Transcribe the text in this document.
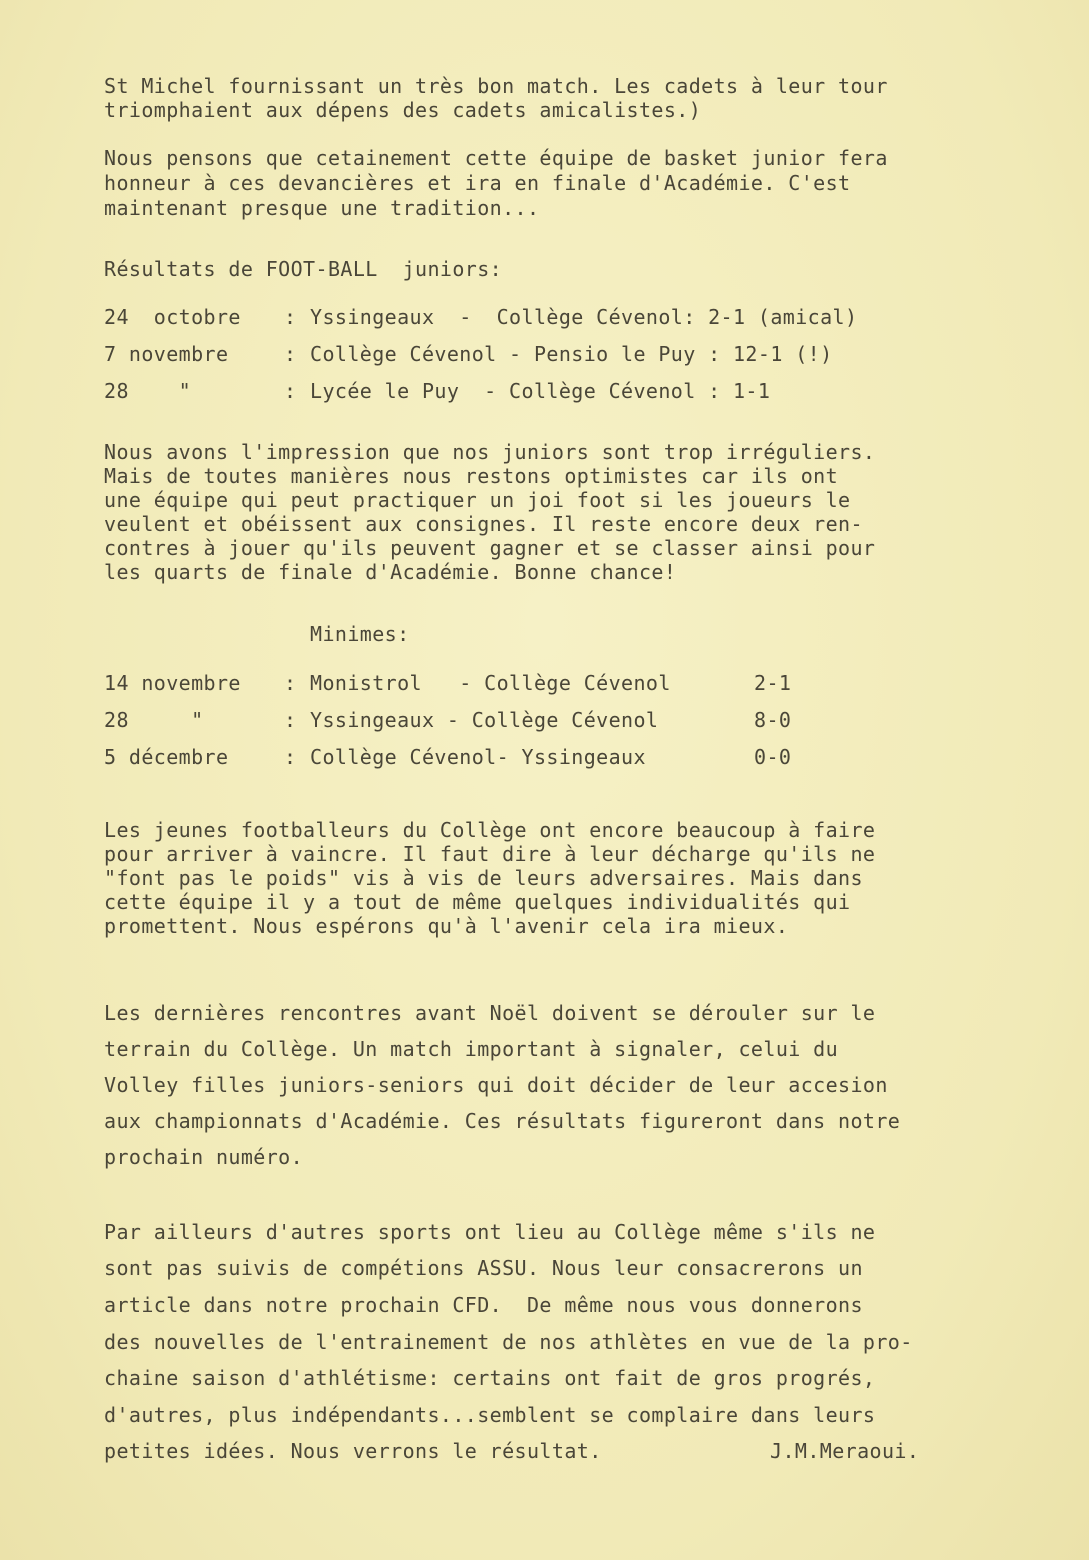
St Michel fournissant un très bon match. Les cadets à leur tour
triomphaient aux dépens des cadets amicalistes.)
Nous pensons que cetainement cette équipe de basket junior fera
honneur à ces devancières et ira en finale d'Académie. C'est
maintenant presque une tradition...
Résultats de FOOT-BALL  juniors:
24  octobre : Yssingeaux  -  Collège Cévenol: 2-1 (amical)
7 novembre	: Collège Cévenol - Pensio le Puy : 12-1 (!)
28    "	: Lycée le Puy  - Collège Cévenol : 1-1
Nous avons l'impression que nos juniors sont trop irréguliers.
Mais de toutes manières nous restons optimistes car ils ont
une équipe qui peut practiquer un joi foot si les joueurs le
veulent et obéissent aux consignes. Il reste encore deux ren-
contres à jouer qu'ils peuvent gagner et se classer ainsi pour
les quarts de finale d'Académie. Bonne chance!
Minimes:
14 novembre : Monistrol   - Collège Cévenol	2-1
28     "	: Yssingeaux - Collège Cévenol	8-0
5 décembre	: Collège Cévenol- Yssingeaux	0-0
Les jeunes footballeurs du Collège ont encore beaucoup à faire
pour arriver à vaincre. Il faut dire à leur décharge qu'ils ne
"font pas le poids" vis à vis de leurs adversaires. Mais dans
cette équipe il y a tout de même quelques individualités qui
promettent. Nous espérons qu'à l'avenir cela ira mieux.
Les dernières rencontres avant Noël doivent se dérouler sur le
terrain du Collège. Un match important à signaler, celui du
Volley filles juniors-seniors qui doit décider de leur accesion
aux championnats d'Académie. Ces résultats figureront dans notre
prochain numéro.
Par ailleurs d'autres sports ont lieu au Collège même s'ils ne
sont pas suivis de compétions ASSU. Nous leur consacrerons un
article dans notre prochain CFD.  De même nous vous donnerons
des nouvelles de l'entrainement de nos athlètes en vue de la pro-
chaine saison d'athlétisme: certains ont fait de gros progrés,
d'autres, plus indépendants...semblent se complaire dans leurs
petites idées. Nous verrons le résultat.	J.M.Meraoui.
